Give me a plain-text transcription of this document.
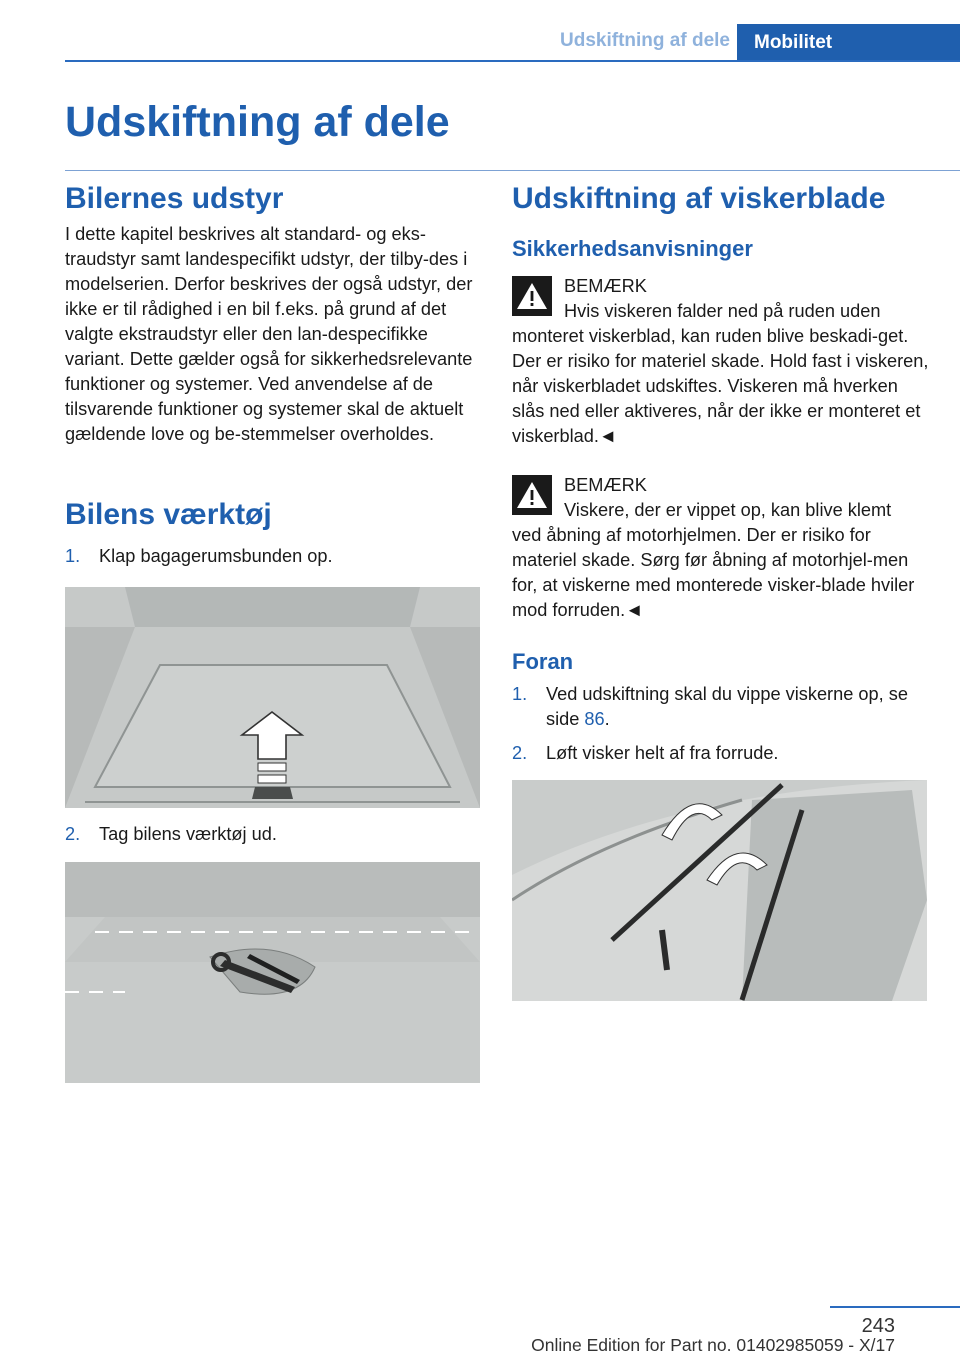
Udskiftning af dele	Mobilitet
Udskiftning af dele
Bilernes udstyr

I dette kapitel beskrives alt standard- og eks-traudstyr samt landespecifikt udstyr, der tilby-des i modelserien. Derfor beskrives der også udstyr, der ikke er til rådighed i en bil f.eks. på grund af det valgte ekstraudstyr eller den lan-despecifikke variant. Dette gælder også for sikkerhedsrelevante funktioner og systemer. Ved anvendelse af de tilsvarende funktioner og systemer skal de aktuelt gældende love og be-stemmelser overholdes.

Bilens værktøj
1. Klap bagagerumsbunden op.
2. Tag bilens værktøj ud.
Udskiftning af viskerblade
Sikkerhedsanvisninger
BEMÆRK
Hvis viskeren falder ned på ruden uden
monteret viskerblad, kan ruden blive beskadi-get. Der er risiko for materiel skade. Hold fast i viskeren, når viskerbladet udskiftes. Viskeren må hverken slås ned eller aktiveres, når der ikke er monteret et viskerblad.◄
BEMÆRK
Viskere, der er vippet op, kan blive klemt
ved åbning af motorhjelmen. Der er risiko for materiel skade. Sørg før åbning af motorhjel-men for, at viskerne med monterede visker-blade hviler mod forruden.◄
Foran
1. Ved udskiftning skal du vippe viskerne op, se side 86.
2. Løft visker helt af fra forrude.
243
Online Edition for Part no. 01402985059 - X/17
